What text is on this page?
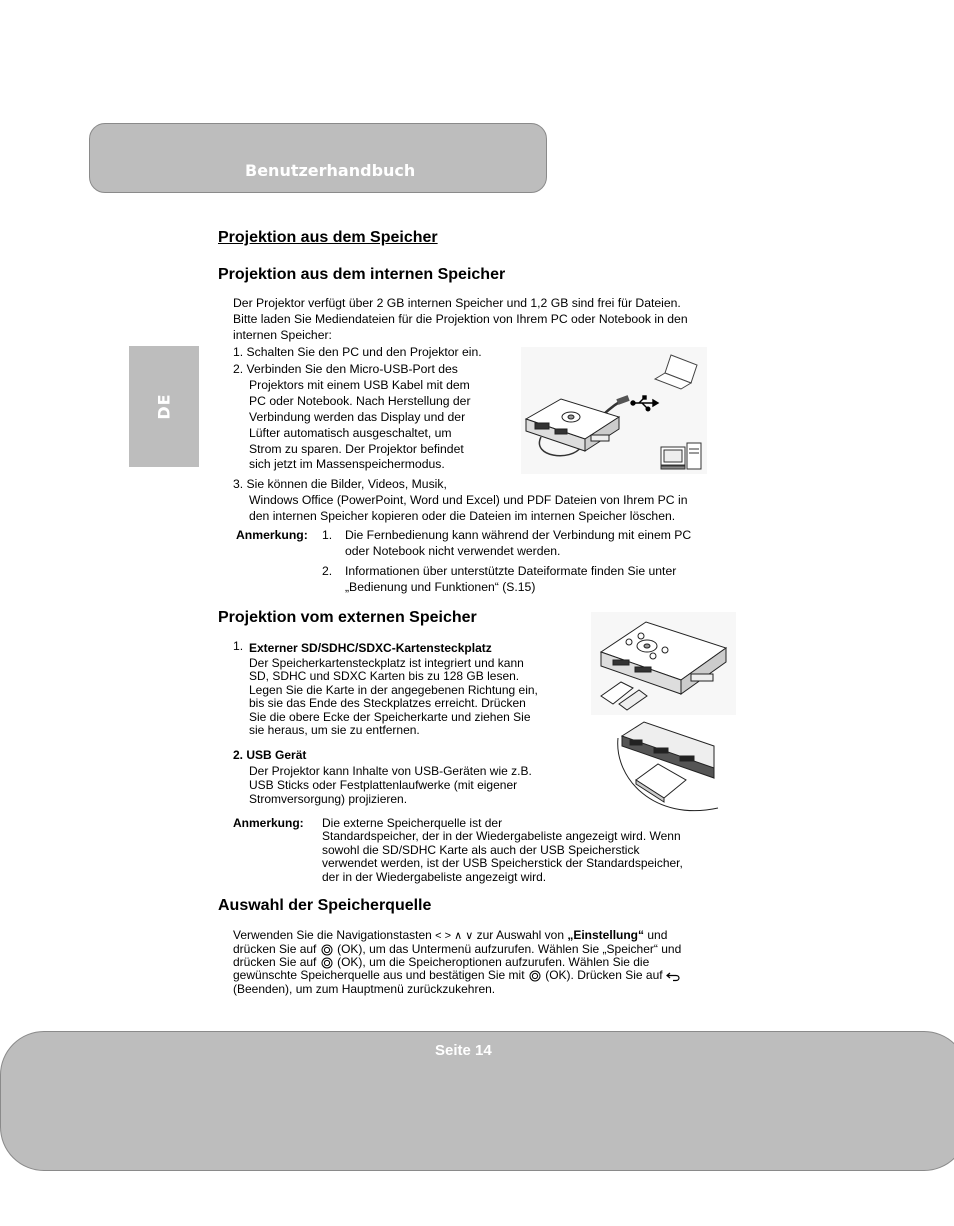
Benutzerhandbuch
DE
Projektion aus dem Speicher
Projektion aus dem internen Speicher
Der Projektor verfügt über 2 GB internen Speicher und 1,2 GB sind frei für Dateien.
Bitte laden Sie Mediendateien für die Projektion von Ihrem PC oder Notebook in den
internen Speicher:
1. Schalten Sie den PC und den Projektor ein.
2. Verbinden Sie den Micro-USB-Port des
Projektors mit einem USB Kabel mit dem
PC oder Notebook. Nach Herstellung der
Verbindung werden das Display und der
Lüfter automatisch ausgeschaltet, um
Strom zu sparen. Der Projektor befindet
sich jetzt im Massenspeichermodus.
3. Sie können die Bilder, Videos, Musik,
Windows Office (PowerPoint, Word und Excel) und PDF Dateien von Ihrem PC in
den internen Speicher kopieren oder die Dateien im internen Speicher löschen.
Anmerkung: 1. Die Fernbedienung kann während der Verbindung mit einem PC
oder Notebook nicht verwendet werden.
2. Informationen über unterstützte Dateiformate finden Sie unter
„Bedienung und Funktionen“ (S.15)
Projektion vom externen Speicher
1. Externer SD/SDHC/SDXC-Kartensteckplatz
Der Speicherkartensteckplatz ist integriert und kann
SD, SDHC und SDXC Karten bis zu 128 GB lesen.
Legen Sie die Karte in der angegebenen Richtung ein,
bis sie das Ende des Steckplatzes erreicht. Drücken
Sie die obere Ecke der Speicherkarte und ziehen Sie
sie heraus, um sie zu entfernen.
2. USB Gerät
Der Projektor kann Inhalte von USB-Geräten wie z.B.
USB Sticks oder Festplattenlaufwerke (mit eigener
Stromversorgung) projizieren.
Anmerkung: Die externe Speicherquelle ist der
Standardspeicher, der in der Wiedergabeliste angezeigt wird. Wenn
sowohl die SD/SDHC Karte als auch der USB Speicherstick
verwendet werden, ist der USB Speicherstick der Standardspeicher,
der in der Wiedergabeliste angezeigt wird.
Auswahl der Speicherquelle
Verwenden Sie die Navigationstasten < > ∧ ∨ zur Auswahl von „Einstellung“ und
drücken Sie auf (OK), um das Untermenü aufzurufen. Wählen Sie „Speicher“ und
drücken Sie auf (OK), um die Speicheroptionen aufzurufen. Wählen Sie die
gewünschte Speicherquelle aus und bestätigen Sie mit (OK). Drücken Sie auf
(Beenden), um zum Hauptmenü zurückzukehren.
Seite 14
